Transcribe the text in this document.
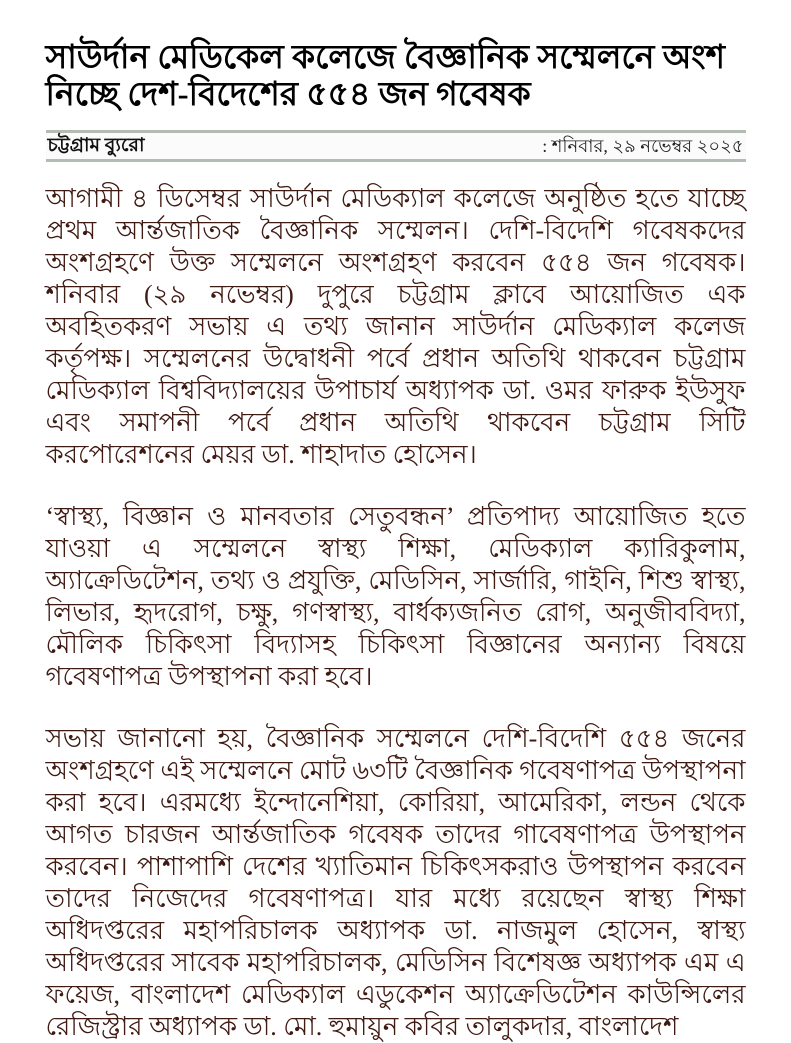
সাউর্দান মেডিকেল কলেজে বৈজ্ঞানিক সম্মেলনে অংশ নিচ্ছে দেশ-বিদেশের ৫৫৪ জন গবেষক
চট্টগ্রাম ব্যুরো	: শনিবার, ২৯ নভেম্বর ২০২৫

আগামী ৪ ডিসেম্বর সাউর্দান মেডিক্যাল কলেজে অনুষ্ঠিত হতে যাচ্ছে প্রথম আর্ন্তজাতিক বৈজ্ঞানিক সম্মেলন। দেশি-বিদেশি গবেষকদের অংশগ্রহণে উক্ত সম্মেলনে অংশগ্রহণ করবেন ৫৫৪ জন গবেষক। শনিবার (২৯ নভেম্বর) দুপুরে চট্টগ্রাম ক্লাবে আয়োজিত এক অবহিতকরণ সভায় এ তথ্য জানান সাউর্দান মেডিক্যাল কলেজ কর্তৃপক্ষ। সম্মেলনের উদ্বোধনী পর্বে প্রধান অতিথি থাকবেন চট্টগ্রাম মেডিক্যাল বিশ্ববিদ্যালয়ের উপাচার্য অধ্যাপক ডা. ওমর ফারুক ইউসুফ এবং সমাপনী পর্বে প্রধান অতিথি থাকবেন চট্টগ্রাম সিটি করপোরেশনের মেয়র ডা. শাহাদাত হোসেন।

‘স্বাস্থ্য, বিজ্ঞান ও মানবতার সেতুবন্ধন’ প্রতিপাদ্য আয়োজিত হতে যাওয়া এ সম্মেলনে স্বাস্থ্য শিক্ষা, মেডিক্যাল ক্যারিকুলাম, অ্যাক্রেডিটেশন, তথ্য ও প্রযুক্তি, মেডিসিন, সার্জারি, গাইনি, শিশু স্বাস্থ্য, লিভার, হৃদরোগ, চক্ষু, গণস্বাস্থ্য, বার্ধক্যজনিত রোগ, অনুজীববিদ্যা, মৌলিক চিকিৎসা বিদ্যাসহ চিকিৎসা বিজ্ঞানের অন্যান্য বিষয়ে গবেষণাপত্র উপস্থাপনা করা হবে।

সভায় জানানো হয়, বৈজ্ঞানিক সম্মেলনে দেশি-বিদেশি ৫৫৪ জনের অংশগ্রহণে এই সম্মেলনে মোট ৬৩টি বৈজ্ঞানিক গবেষণাপত্র উপস্থাপনা করা হবে। এরমধ্যে ইন্দোনেশিয়া, কোরিয়া, আমেরিকা, লন্ডন থেকে আগত চারজন আর্ন্তজাতিক গবেষক তাদের গাবেষণাপত্র উপস্থাপন করবেন। পাশাপাশি দেশের খ্যাতিমান চিকিৎসকরাও উপস্থাপন করবেন তাদের নিজেদের গবেষণাপত্র। যার মধ্যে রয়েছেন স্বাস্থ্য শিক্ষা অধিদপ্তরের মহাপরিচালক অধ্যাপক ডা. নাজমুল হোসেন, স্বাস্থ্য অধিদপ্তরের সাবেক মহাপরিচালক, মেডিসিন বিশেষজ্ঞ অধ্যাপক এম এ ফয়েজ, বাংলাদেশ মেডিক্যাল এডুকেশন অ্যাক্রেডিটেশন কাউন্সিলের রেজিস্ট্রার অধ্যাপক ডা. মো. হুমায়ুন কবির তালুকদার, বাংলাদেশ
